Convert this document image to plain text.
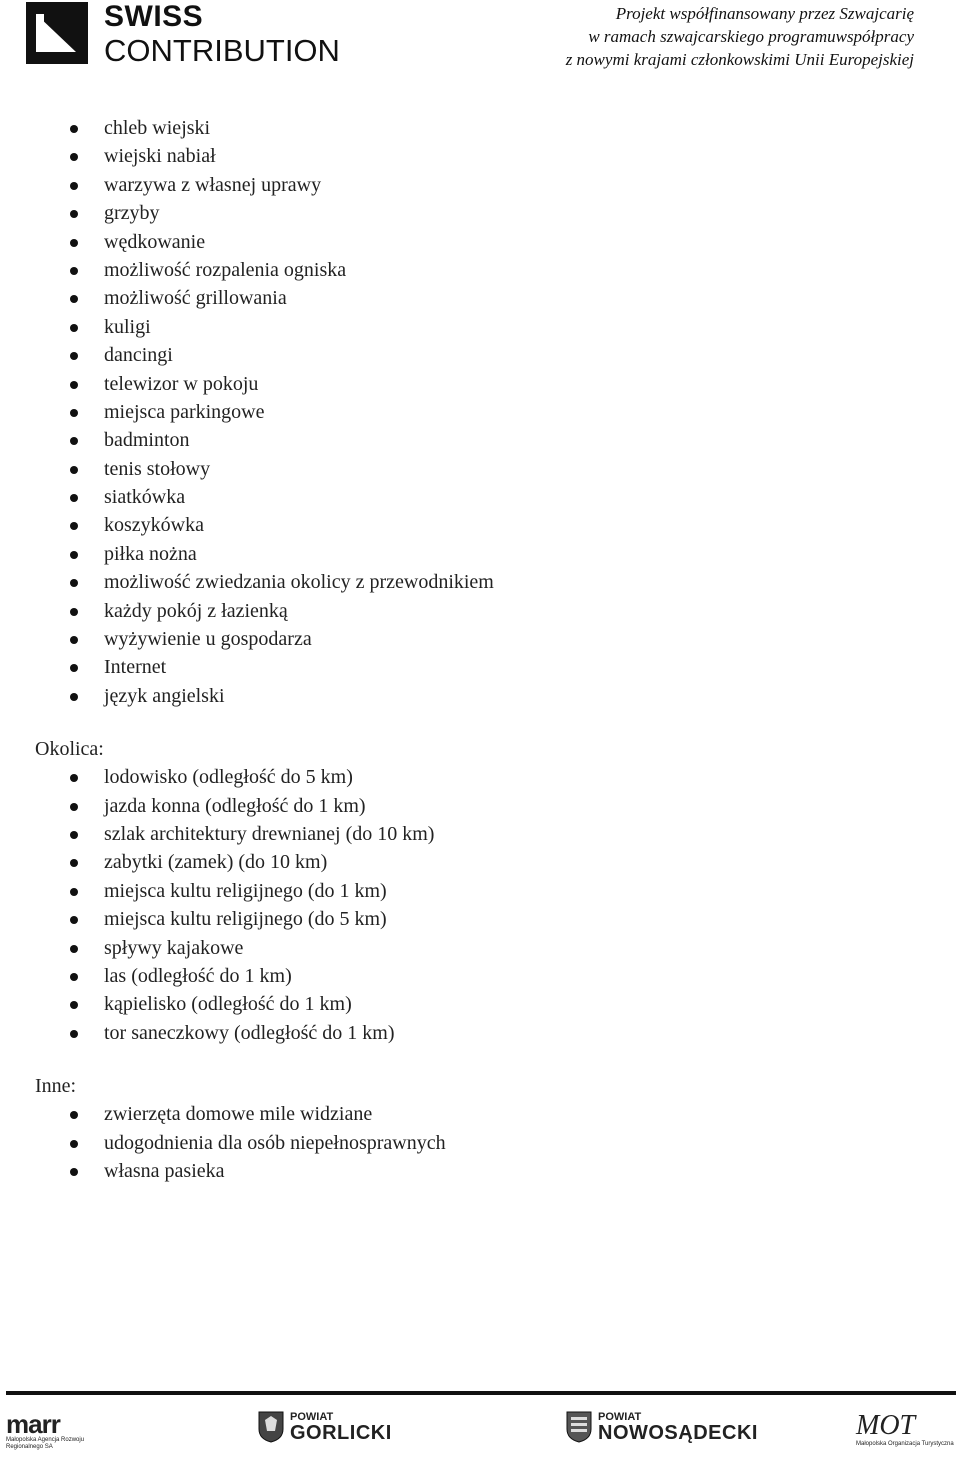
SWISS
CONTRIBUTION
Projekt współfinansowany przez Szwajcarię
w ramach szwajcarskiego programuwspółpracy
z nowymi krajami członkowskimi Unii Europejskiej
chleb wiejski
wiejski nabiał
warzywa z własnej uprawy
grzyby
wędkowanie
możliwość rozpalenia ogniska
możliwość grillowania
kuligi
dancingi
telewizor w pokoju
miejsca parkingowe
badminton
tenis stołowy
siatkówka
koszykówka
piłka nożna
możliwość zwiedzania okolicy z przewodnikiem
każdy pokój z łazienką
wyżywienie u gospodarza
Internet
język angielski
Okolica:
lodowisko (odległość do 5 km)
jazda konna (odległość do 1 km)
szlak architektury drewnianej (do 10 km)
zabytki (zamek) (do 10 km)
miejsca kultu religijnego (do 1 km)
miejsca kultu religijnego (do 5 km)
spływy kajakowe
las (odległość do 1 km)
kąpielisko (odległość do 1 km)
tor saneczkowy (odległość do 1 km)
Inne:
zwierzęta domowe mile widziane
udogodnienia dla osób niepełnosprawnych
własna pasieka
marr
Małopolska Agencja Rozwoju Regionalnego SA
POWIAT
GORLICKI
POWIAT
NOWOSĄDECKI	MOT
Małopolska Organizacja Turystyczna
